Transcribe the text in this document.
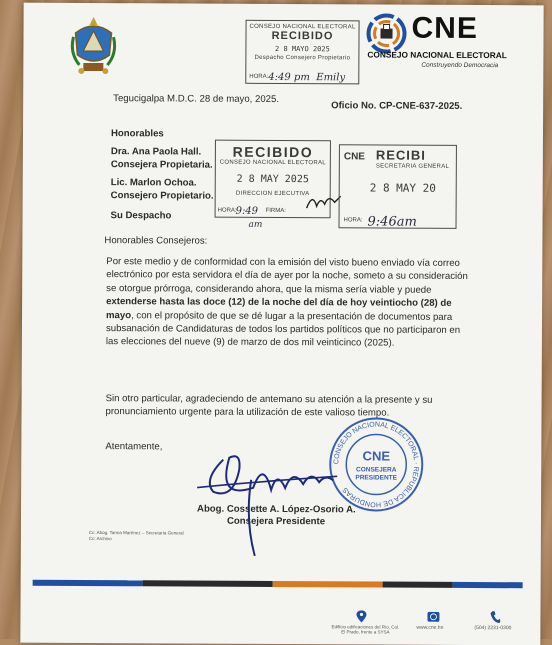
CONSEJO NACIONAL ELECTORAL
RECIBIDO
2 8 MAYO 2025
Despacho Consejero Propietario
HORA: 4:49 pm Emily
CNE
CONSEJO NACIONAL ELECTORAL
Construyendo Democracia
Tegucigalpa M.D.C. 28 de mayo, 2025.
Oficio No. CP-CNE-637-2025.
Honorables
Dra. Ana Paola Hall.
Consejera Propietaria.
Lic. Marlon Ochoa.
Consejero Propietario.
Su Despacho
RECIBIDO
CONSEJO NACIONAL ELECTORAL
2 8 MAY 2025
DIRECCION EJECUTIVA
HORA:
9:49 FIRMA:
am
CNE RECIBI
SECRETARIA GENERAL
2 8 MAY 20
HORA: 9:46am
Honorables Consejeros:
Por este medio y de conformidad con la emisión del visto bueno enviado vía correo
electrónico por esta servidora el día de ayer por la noche, someto a su consideración
se otorgue prórroga, considerando ahora, que la misma sería viable y puede
extenderse hasta las doce (12) de la noche del día de hoy veintiocho (28) de
mayo, con el propósito de que se dé lugar a la presentación de documentos para
subsanación de Candidaturas de todos los partidos políticos que no participaron en
las elecciones del nueve (9) de marzo de dos mil veinticinco (2025).
Sin otro particular, agradeciendo de antemano su atención a la presente y su
pronunciamiento urgente para la utilización de este valioso tiempo.
Atentamente,
CONSEJO NACIONAL ELECTORAL · REPUBLICA DE HONDURAS
CNE
CONSEJERA
PRESIDENTE
Abog. Cossette A. López-Osorio A.
Consejera Presidente
Cc: Abog. Tanna Martínez – Secretaría General
Cc: Archivo
Edificio edificaciones del Río, Col. El Prado, frente a SYSA
www.cne.hn	(504) 2231-0300
